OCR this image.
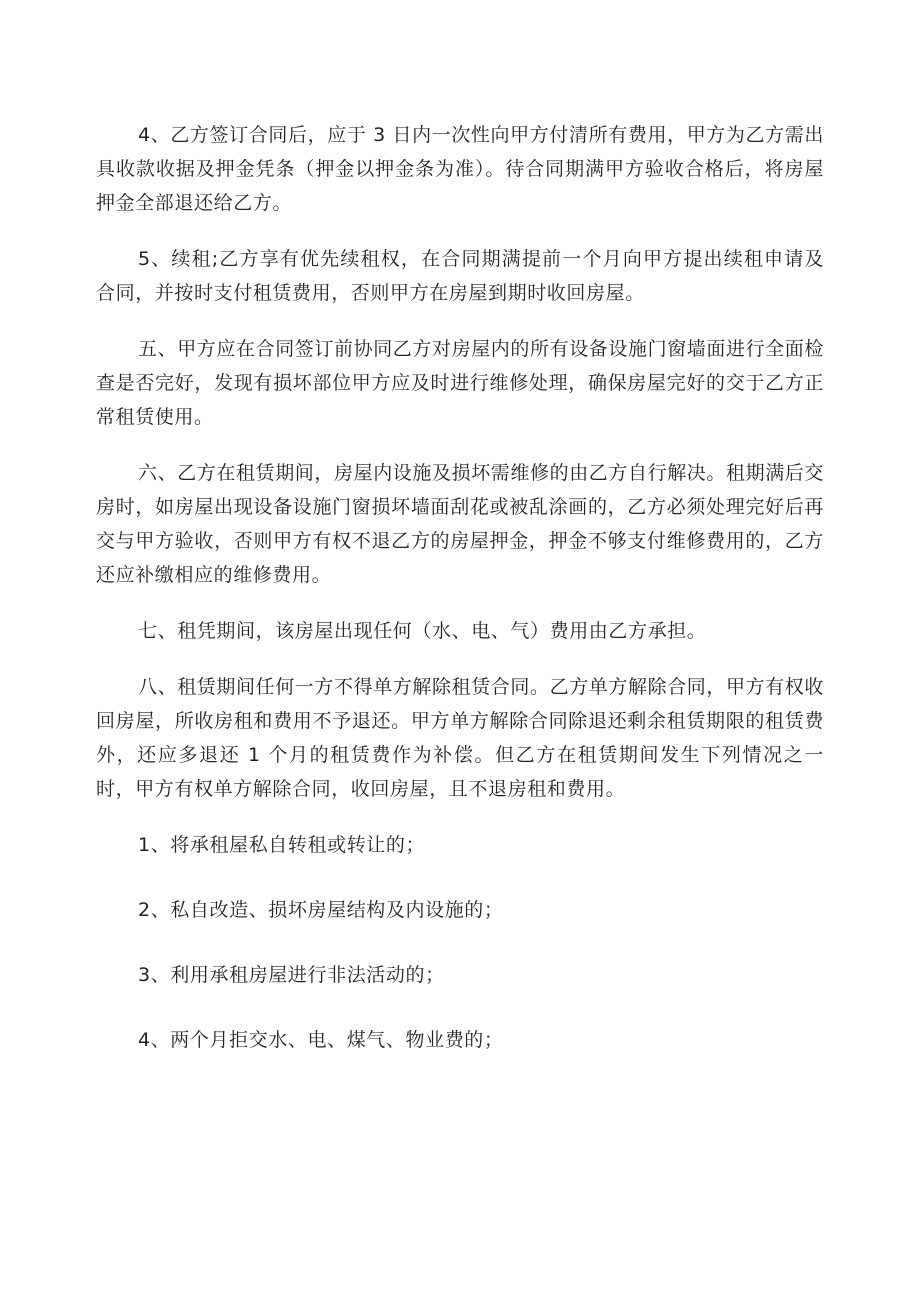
4、乙方签订合同后，应于 3 日内一次性向甲方付清所有费用，甲方为乙方需出具收款收据及押金凭条（押金以押金条为准）。待合同期满甲方验收合格后，将房屋押金全部退还给乙方。

5、续租;乙方享有优先续租权，在合同期满提前一个月向甲方提出续租申请及合同，并按时支付租赁费用，否则甲方在房屋到期时收回房屋。

五、甲方应在合同签订前协同乙方对房屋内的所有设备设施门窗墙面进行全面检查是否完好，发现有损坏部位甲方应及时进行维修处理，确保房屋完好的交于乙方正常租赁使用。

六、乙方在租赁期间，房屋内设施及损坏需维修的由乙方自行解决。租期满后交房时，如房屋出现设备设施门窗损坏墙面刮花或被乱涂画的，乙方必须处理完好后再交与甲方验收，否则甲方有权不退乙方的房屋押金，押金不够支付维修费用的，乙方还应补缴相应的维修费用。

七、租凭期间，该房屋出现任何（水、电、气）费用由乙方承担。

八、租赁期间任何一方不得单方解除租赁合同。乙方单方解除合同，甲方有权收回房屋，所收房租和费用不予退还。甲方单方解除合同除退还剩余租赁期限的租赁费外，还应多退还 1 个月的租赁费作为补偿。但乙方在租赁期间发生下列情况之一时，甲方有权单方解除合同，收回房屋，且不退房租和费用。

1、将承租屋私自转租或转让的；

2、私自改造、损坏房屋结构及内设施的；

3、利用承租房屋进行非法活动的；

4、两个月拒交水、电、煤气、物业费的；
